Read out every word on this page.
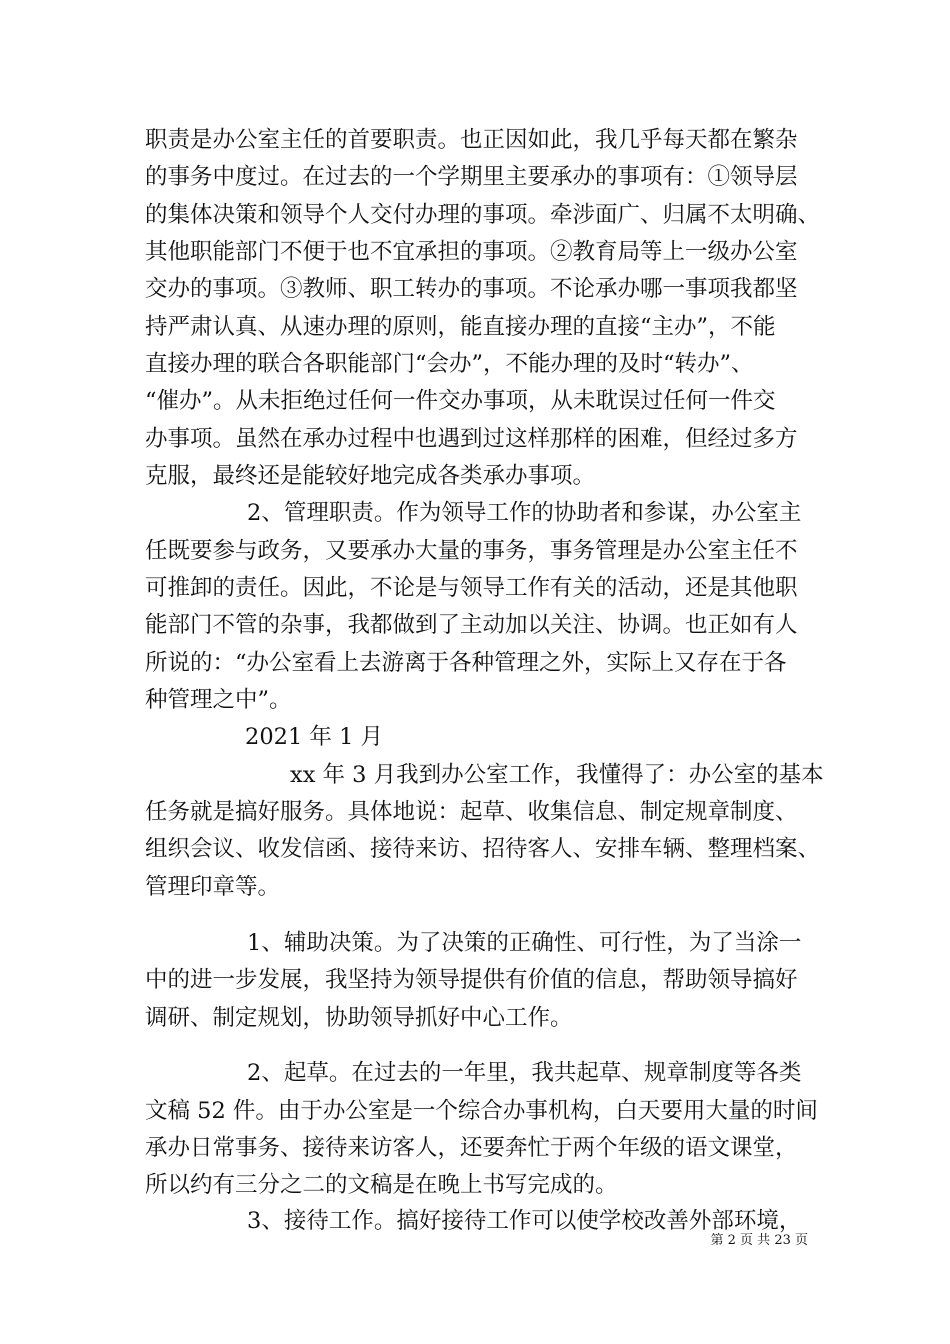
职责是办公室主任的首要职责。也正因如此，我几乎每天都在繁杂
的事务中度过。在过去的一个学期里主要承办的事项有：①领导层
的集体决策和领导个人交付办理的事项。牵涉面广、归属不太明确、
其他职能部门不便于也不宜承担的事项。②教育局等上一级办公室
交办的事项。③教师、职工转办的事项。不论承办哪一事项我都坚
持严肃认真、从速办理的原则，能直接办理的直接“主办”，不能
直接办理的联合各职能部门“会办”，不能办理的及时“转办”、
“催办”。从未拒绝过任何一件交办事项，从未耽误过任何一件交
办事项。虽然在承办过程中也遇到过这样那样的困难，但经过多方
克服，最终还是能较好地完成各类承办事项。
2、管理职责。作为领导工作的协助者和参谋，办公室主
任既要参与政务，又要承办大量的事务，事务管理是办公室主任不
可推卸的责任。因此，不论是与领导工作有关的活动，还是其他职
能部门不管的杂事，我都做到了主动加以关注、协调。也正如有人
所说的：“办公室看上去游离于各种管理之外，实际上又存在于各
种管理之中”。
2021 年 1 月
xx 年 3 月我到办公室工作，我懂得了：办公室的基本
任务就是搞好服务。具体地说：起草、收集信息、制定规章制度、
组织会议、收发信函、接待来访、招待客人、安排车辆、整理档案、
管理印章等。
1、辅助决策。为了决策的正确性、可行性，为了当涂一
中的进一步发展，我坚持为领导提供有价值的信息，帮助领导搞好
调研、制定规划，协助领导抓好中心工作。
2、起草。在过去的一年里，我共起草、规章制度等各类
文稿 52 件。由于办公室是一个综合办事机构，白天要用大量的时间
承办日常事务、接待来访客人，还要奔忙于两个年级的语文课堂，
所以约有三分之二的文稿是在晚上书写完成的。
3、接待工作。搞好接待工作可以使学校改善外部环境，
第 2 页 共 23 页
